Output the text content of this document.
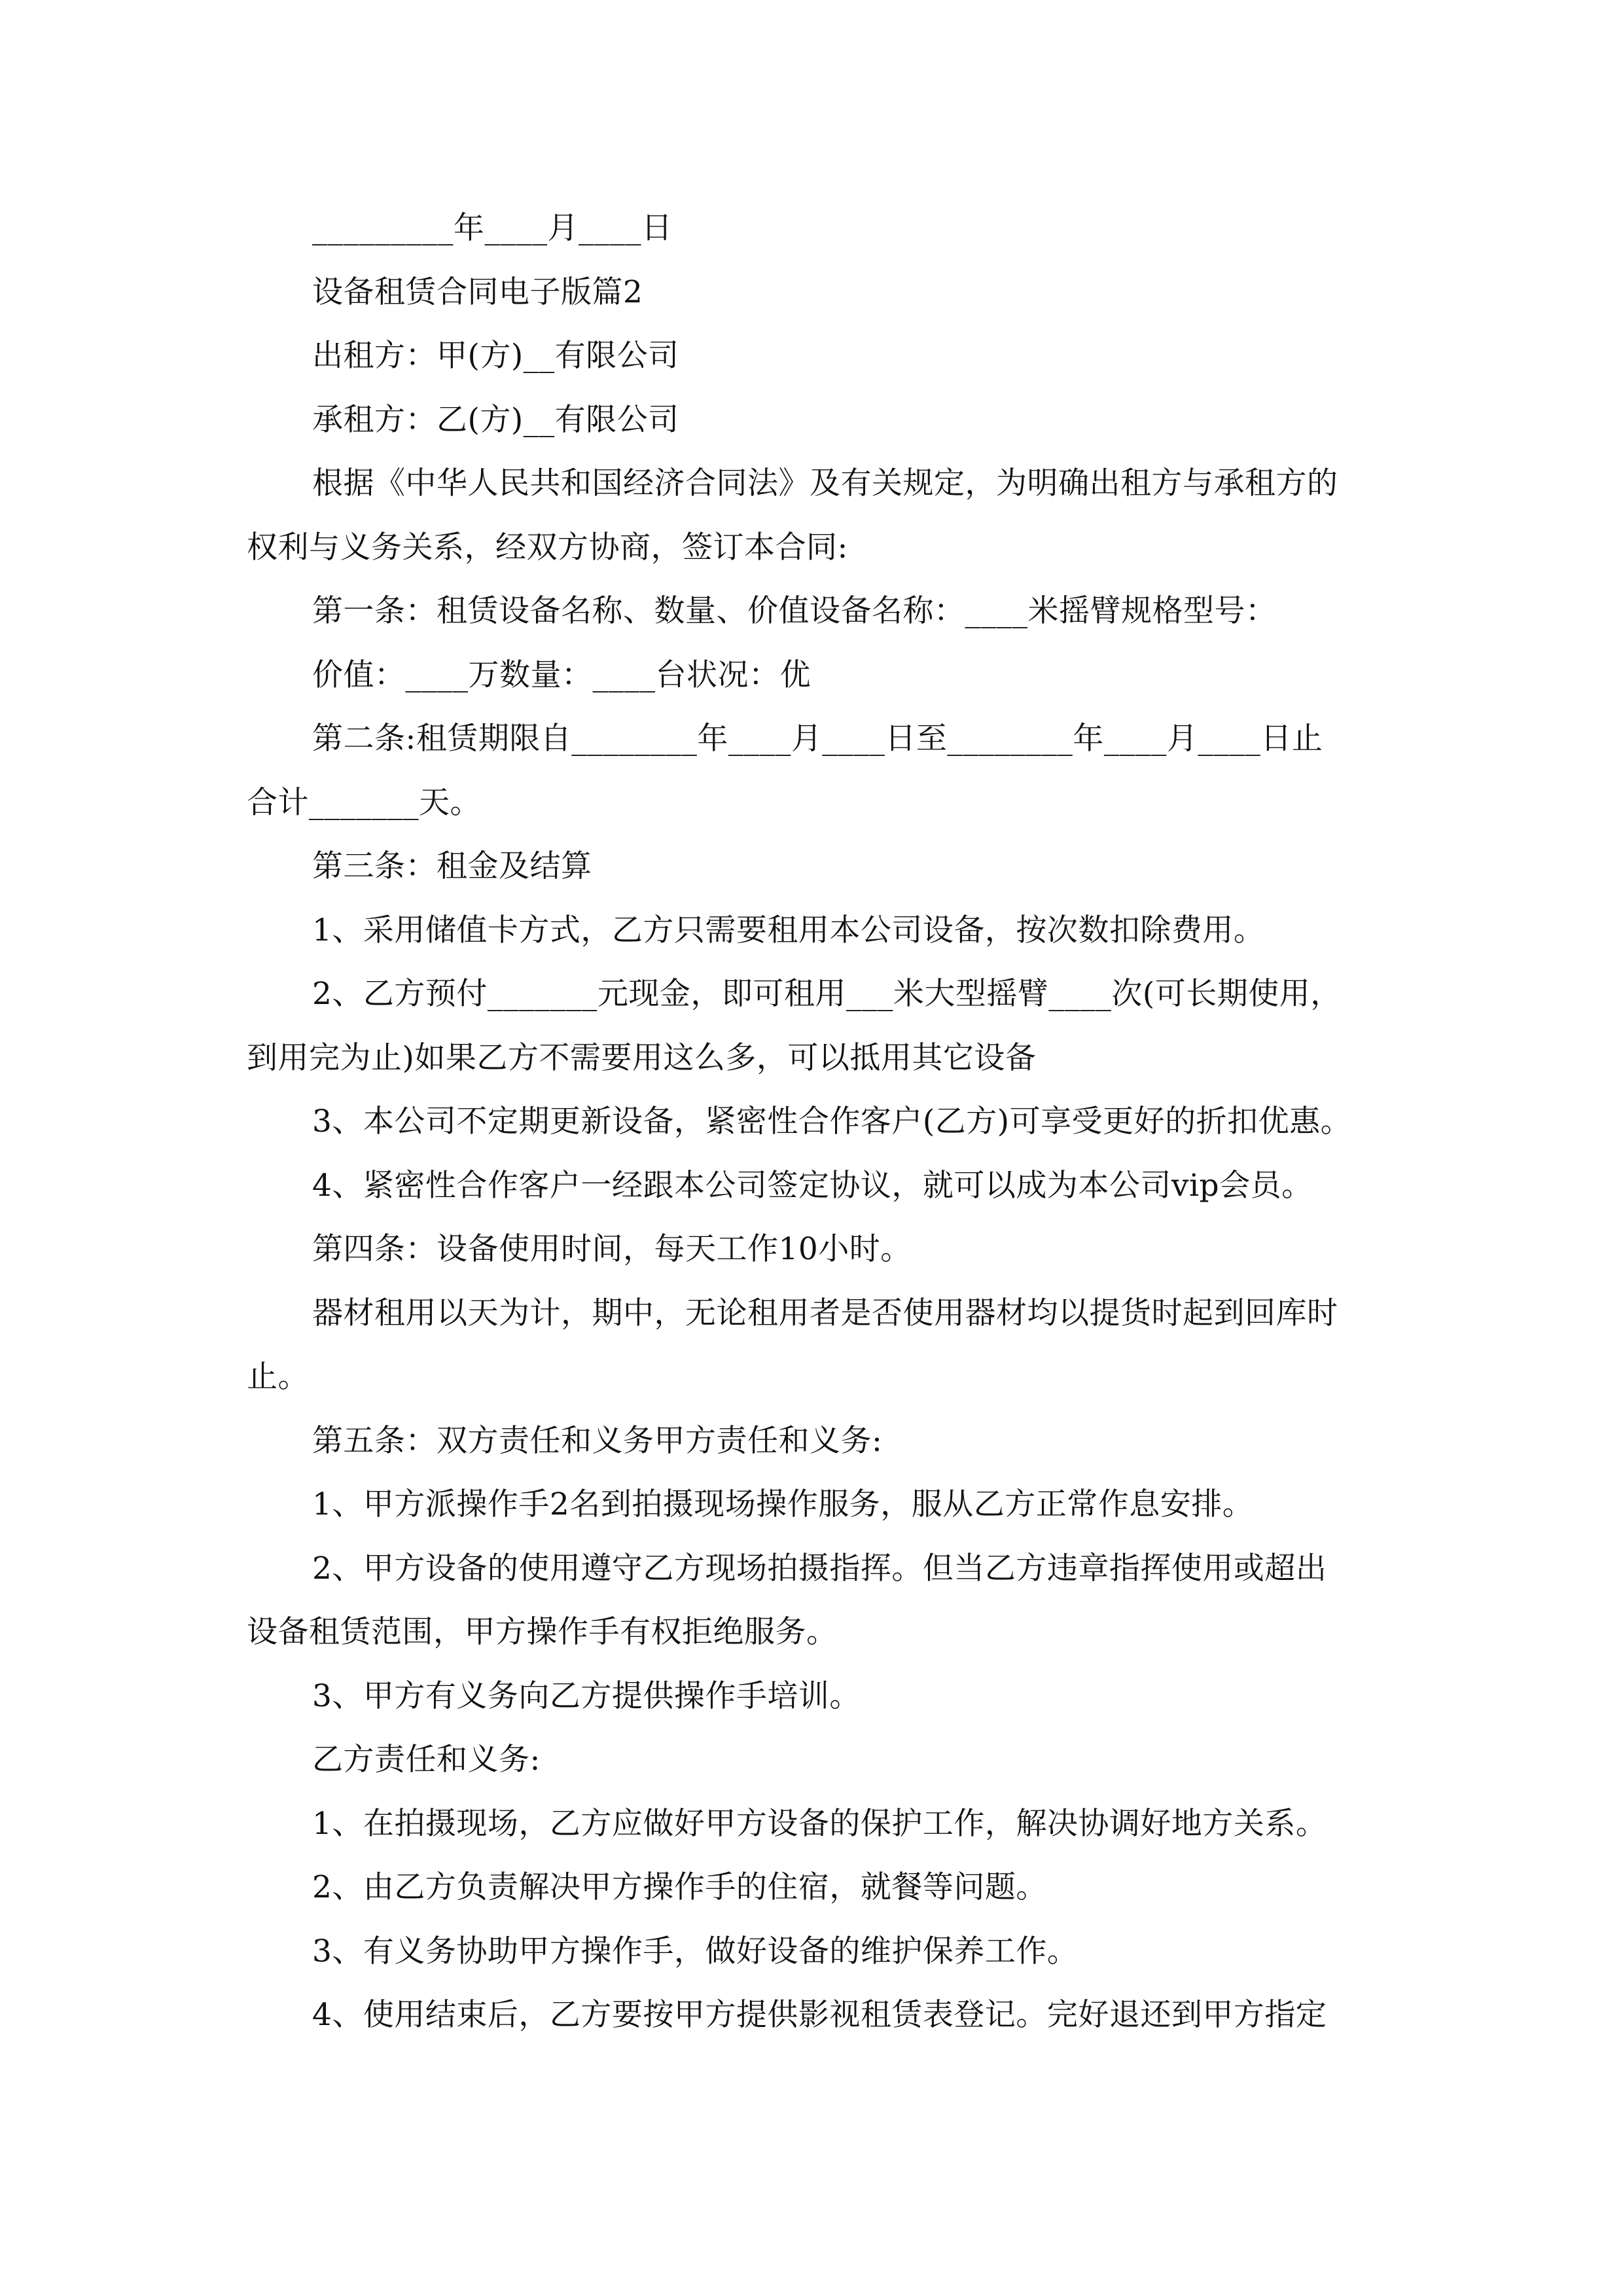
_________年____月____日
设备租赁合同电子版篇2
出租方：甲(方)__有限公司
承租方：乙(方)__有限公司
根据《中华人民共和国经济合同法》及有关规定，为明确出租方与承租方的
权利与义务关系，经双方协商，签订本合同:
第一条：租赁设备名称、数量、价值设备名称：____米摇臂规格型号：
价值：____万数量：____台状况：优
第二条:租赁期限自________年____月____日至________年____月____日止
合计_______天。
第三条：租金及结算
1、采用储值卡方式，乙方只需要租用本公司设备，按次数扣除费用。
2、乙方预付_______元现金，即可租用___米大型摇臂____次(可长期使用，
到用完为止)如果乙方不需要用这么多，可以抵用其它设备
3、本公司不定期更新设备，紧密性合作客户(乙方)可享受更好的折扣优惠。
4、紧密性合作客户一经跟本公司签定协议，就可以成为本公司vip会员。
第四条：设备使用时间，每天工作10小时。
器材租用以天为计，期中，无论租用者是否使用器材均以提货时起到回库时
止。
第五条：双方责任和义务甲方责任和义务:
1、甲方派操作手2名到拍摄现场操作服务，服从乙方正常作息安排。
2、甲方设备的使用遵守乙方现场拍摄指挥。但当乙方违章指挥使用或超出
设备租赁范围，甲方操作手有权拒绝服务。
3、甲方有义务向乙方提供操作手培训。
乙方责任和义务:
1、在拍摄现场，乙方应做好甲方设备的保护工作，解决协调好地方关系。
2、由乙方负责解决甲方操作手的住宿，就餐等问题。
3、有义务协助甲方操作手，做好设备的维护保养工作。
4、使用结束后，乙方要按甲方提供影视租赁表登记。完好退还到甲方指定
